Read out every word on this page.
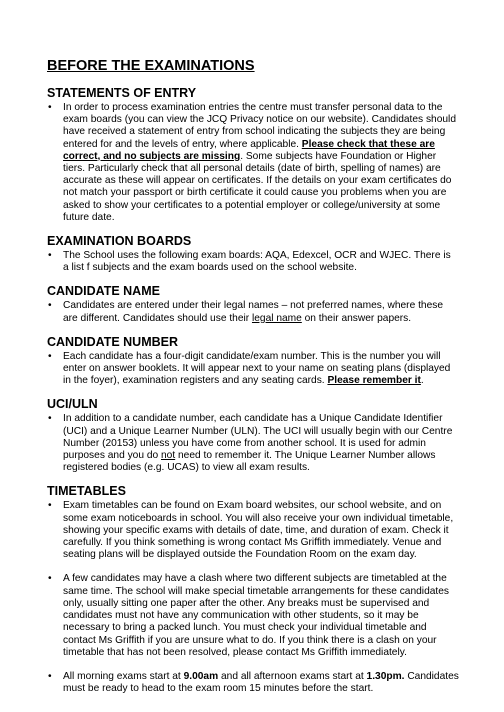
BEFORE THE EXAMINATIONS
STATEMENTS OF ENTRY
• In order to process examination entries the centre must transfer personal data to the exam boards (you can view the JCQ Privacy notice on our website). Candidates should have received a statement of entry from school indicating the subjects they are being entered for and the levels of entry, where applicable. Please check that these are correct, and no subjects are missing. Some subjects have Foundation or Higher tiers. Particularly check that all personal details (date of birth, spelling of names) are accurate as these will appear on certificates. If the details on your exam certificates do not match your passport or birth certificate it could cause you problems when you are asked to show your certificates to a potential employer or college/university at some future date.
EXAMINATION BOARDS
• The School uses the following exam boards: AQA, Edexcel, OCR and WJEC. There is a list f subjects and the exam boards used on the school website.
CANDIDATE NAME
• Candidates are entered under their legal names – not preferred names, where these are different. Candidates should use their legal name on their answer papers.
CANDIDATE NUMBER
• Each candidate has a four-digit candidate/exam number. This is the number you will enter on answer booklets. It will appear next to your name on seating plans (displayed in the foyer), examination registers and any seating cards. Please remember it.
UCI/ULN
• In addition to a candidate number, each candidate has a Unique Candidate Identifier (UCI) and a Unique Learner Number (ULN). The UCI will usually begin with our Centre Number (20153) unless you have come from another school. It is used for admin purposes and you do not need to remember it. The Unique Learner Number allows registered bodies (e.g. UCAS) to view all exam results.
TIMETABLES
• Exam timetables can be found on Exam board websites, our school website, and on some exam noticeboards in school. You will also receive your own individual timetable, showing your specific exams with details of date, time, and duration of exam. Check it carefully. If you think something is wrong contact Ms Griffith immediately. Venue and seating plans will be displayed outside the Foundation Room on the exam day.
• A few candidates may have a clash where two different subjects are timetabled at the same time. The school will make special timetable arrangements for these candidates only, usually sitting one paper after the other. Any breaks must be supervised and candidates must not have any communication with other students, so it may be necessary to bring a packed lunch. You must check your individual timetable and contact Ms Griffith if you are unsure what to do. If you think there is a clash on your timetable that has not been resolved, please contact Ms Griffith immediately.
• All morning exams start at 9.00am and all afternoon exams start at 1.30pm. Candidates must be ready to head to the exam room 15 minutes before the start.
